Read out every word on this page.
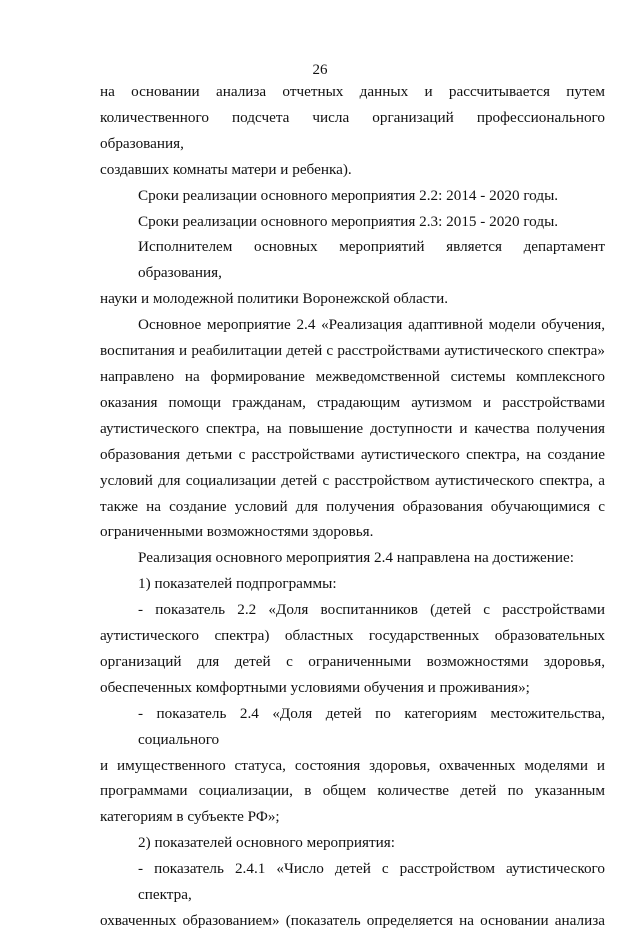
26
на основании анализа отчетных данных и рассчитывается путем
количественного подсчета числа организаций профессионального образования,
создавших комнаты матери и ребенка).
Сроки реализации основного мероприятия 2.2: 2014 - 2020 годы.
Сроки реализации основного мероприятия 2.3: 2015 - 2020 годы.
Исполнителем основных мероприятий является департамент образования,
науки и молодежной политики Воронежской области.
Основное мероприятие 2.4 «Реализация адаптивной модели обучения,
воспитания и реабилитации детей с расстройствами аутистического спектра»
направлено на формирование межведомственной системы комплексного
оказания помощи гражданам, страдающим аутизмом и расстройствами
аутистического спектра, на повышение доступности и качества получения
образования детьми с расстройствами аутистического спектра, на создание
условий для социализации детей с расстройством аутистического спектра, а
также на создание условий для получения образования обучающимися с
ограниченными возможностями здоровья.
Реализация основного мероприятия 2.4 направлена на достижение:
1) показателей подпрограммы:
- показатель 2.2 «Доля воспитанников (детей с расстройствами
аутистического спектра) областных государственных образовательных
организаций для детей с ограниченными возможностями здоровья,
обеспеченных комфортными условиями обучения и проживания»;
- показатель 2.4 «Доля детей по категориям местожительства, социального
и имущественного статуса, состояния здоровья, охваченных моделями и
программами социализации, в общем количестве детей по указанным
категориям в субъекте РФ»;
2) показателей основного мероприятия:
- показатель 2.4.1 «Число детей с расстройством аутистического спектра,
охваченных образованием» (показатель определяется на основании анализа
